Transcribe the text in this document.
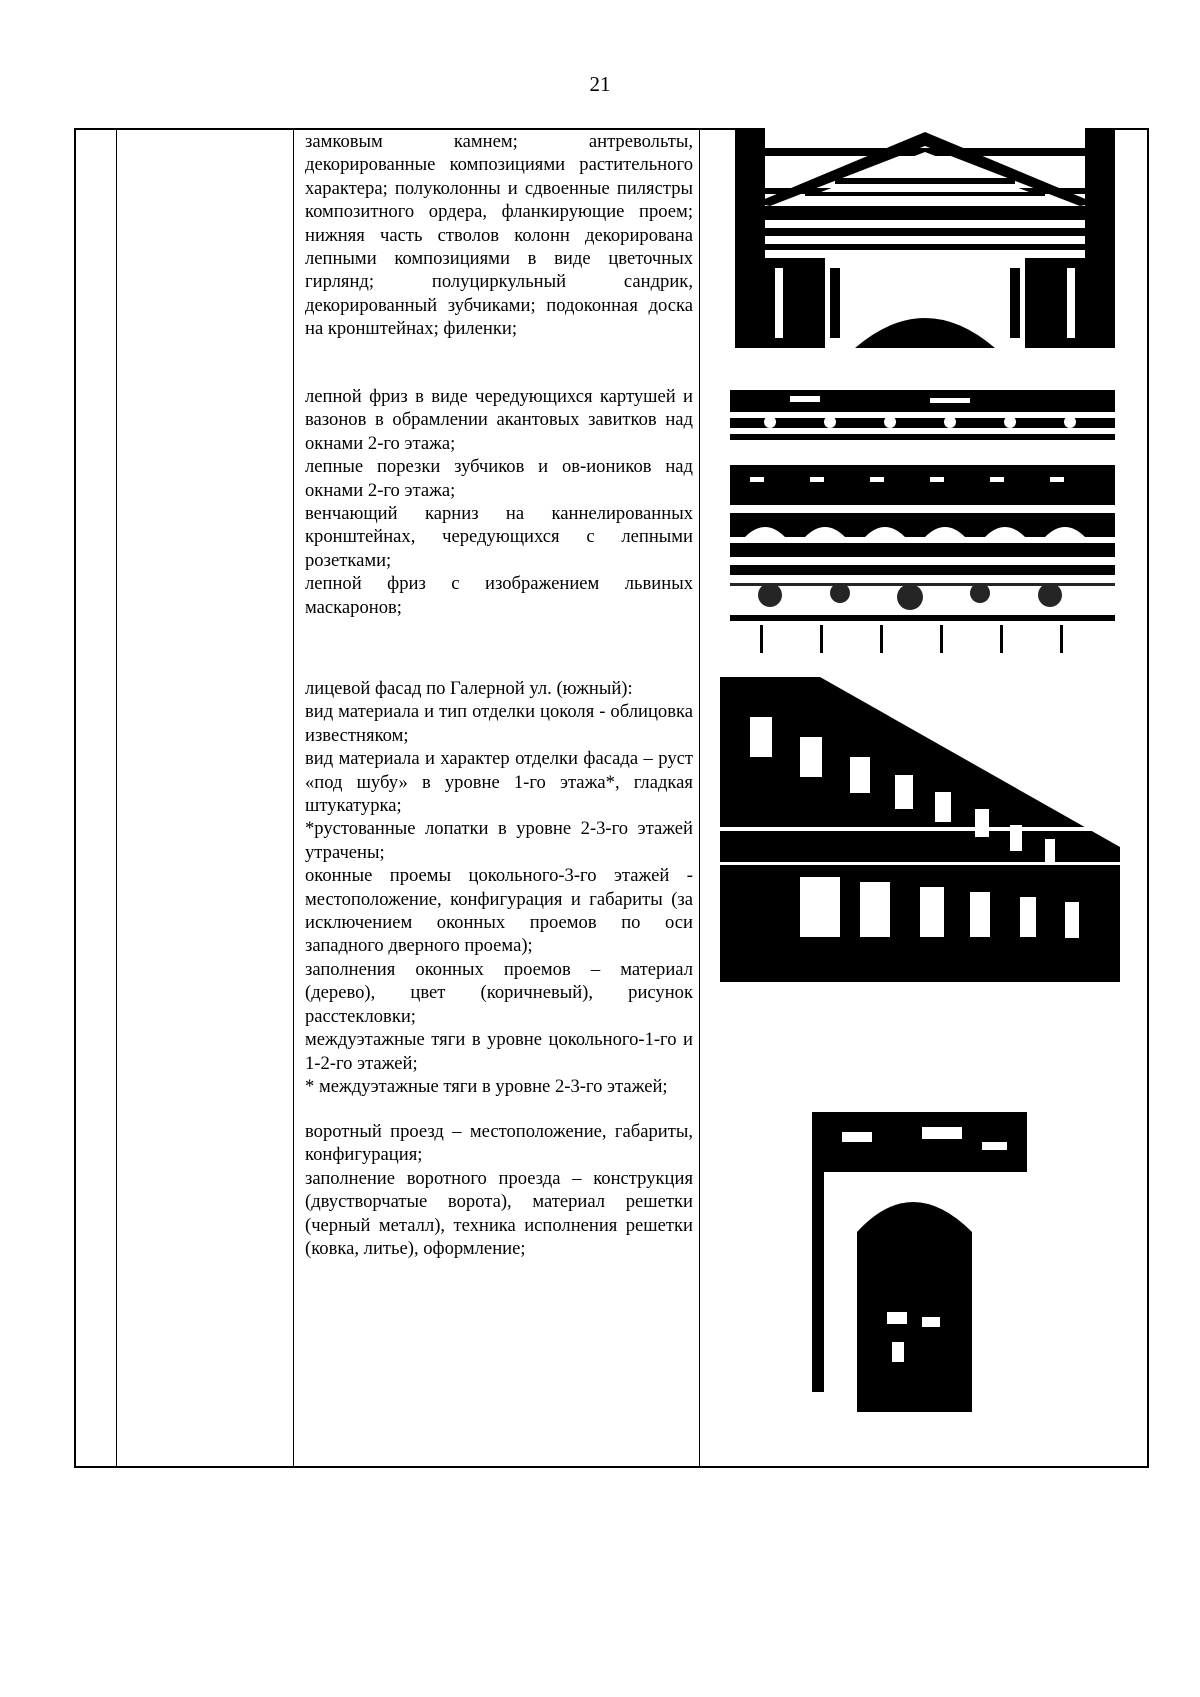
21

замковым камнем; антревольты, декорированные композициями растительного характера; полуколонны и сдвоенные пилястры композитного ордера, фланкирующие проем; нижняя часть стволов колонн декорирована лепными композициями в виде цветочных гирлянд; полуциркульный сандрик, декорированный зубчиками; подоконная доска на кронштейнах; филенки;

лепной фриз в виде чередующихся картушей и вазонов в обрамлении акантовых завитков над окнами 2-го этажа;

лепные порезки зубчиков и ов-иоников над окнами 2-го этажа;

венчающий карниз на каннелированных кронштейнах, чередующихся с лепными розетками;

лепной фриз с изображением львиных маскаронов;

лицевой фасад по Галерной ул. (южный):

вид материала и тип отделки цоколя - облицовка известняком;

вид материала и характер отделки фасада – руст «под шубу» в уровне 1-го этажа*, гладкая штукатурка;

*рустованные лопатки в уровне 2-3-го этажей утрачены;

оконные проемы цокольного-3-го этажей - местоположение, конфигурация и габариты (за исключением оконных проемов по оси западного дверного проема);

заполнения оконных проемов – материал (дерево), цвет (коричневый), рисунок расстекловки;

междуэтажные тяги в уровне цокольного-1-го и 1-2-го этажей;

* междуэтажные тяги в уровне 2-3-го этажей;

воротный проезд – местоположение, габариты, конфигурация;

заполнение воротного проезда – конструкция (двустворчатые ворота), материал решетки (черный металл), техника исполнения решетки (ковка, литье), оформление;
